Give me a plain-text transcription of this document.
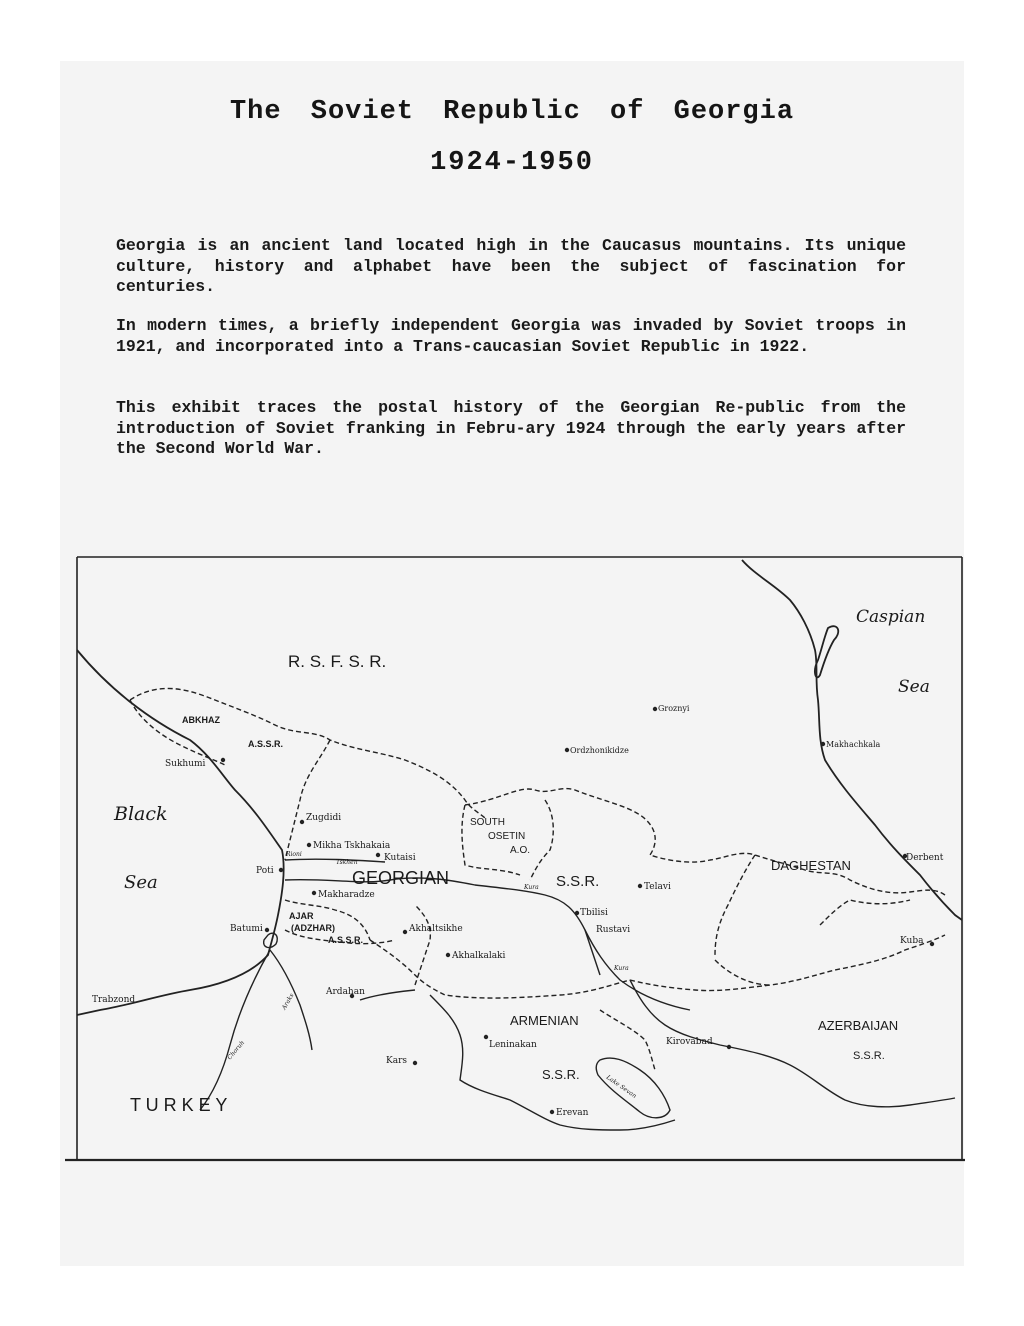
The Soviet Republic of Georgia
1924-1950

Georgia is an ancient land located high in the Caucasus mountains. Its unique culture, history and alphabet have been the subject of fascination for centuries.

In modern times, a briefly independent Georgia was invaded by Soviet troops in 1921, and incorporated into a Trans-caucasian Soviet Republic in 1922.

This exhibit traces the postal history of the Georgian Re-public from the introduction of Soviet franking in Febru-ary 1924 through the early years after the Second World War.

R. S. F. S. R.
ABKHAZ
A.S.S.R.
SOUTH
OSETIN
A.O.
GEORGIAN	S.S.R.
AJAR
(ADZHAR)
A.S.S.R.
DAGHESTAN
ARMENIAN
S.S.R.
AZERBAIJAN
S.S.R.
T U R K E Y
Black
Sea
Caspian
Sea
Sukhumi
Zugdidi
Mikha Tskhakaia
Kutaisi
Poti
Makharadze
Batumi	Akhaltsikhe
Akhalkalaki
Ardahan
Trabzond
Kars
Leninakan
Erevan
Kirovabad
Tbilisi
Rustavi
Telavi
Groznyi
Ordzhonikidze
Makhachkala
Derbent
Kuba
Rioni
Tskhen
Kura
Kura
Choruh
Araks
Lake Sevan
